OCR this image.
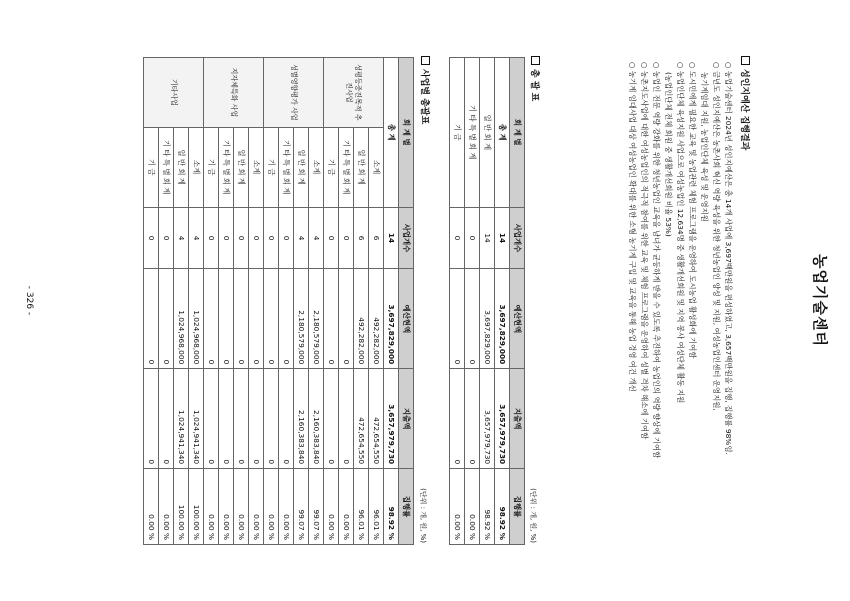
농업기술센터
성인지예산 집행결과
○ 농업기술센터 2024년 성인지예산은 총 14개 사업에 3,697백만원을 편성하였고, 3,657백만원을 집행, 집행률 98%임.
○ 금년도 성인지예산은 농촌사회 혁신 역량 육성을 위한 청년농업인 양성 및 지원, 여성농업인센터 운영지원,
농기계임대 지원, 농업인단체 육성 및 운영지원
○ 도시민에게 필요한 교육 및 농업관련 체험 프로그램을 운영하여 도시농업 활성화에 기여함
○ 농업인단체 육성지원 사업으로 여성농업인 12,634명 중 생활개선회원 및 지역 봉사 여성단체 활동 지원
(농업인단체 전체 회원 중 생활개선회원 비율 53%)
○ 농업인 전문 역량 강화를 위한 청년농업인 교육을 남녀가 균등하게 받을 수 있도록 추진하여 농업인의 역량 향상에 기여함
○ 농촌지도사업에 대한 여성농업인의 적극적 참여를 위한 교육 및 체험 프로그램을 운영하여 성별 격차 해소에 기여함
○ 농기계 임대사업 대상 여성농업인 확대를 위한 소형 농기계 구입 및 교육을 통해 농업 경영 여건 개선
총 괄 표
(단위 : 개, 원, %)
회 계 별	사업개수	예산현액	지출액	집행률
총 계	14	3,697,829,000	3,657,979,730	98.92 %
일 반 회 계	14	3,697,829,000	3,657,979,730	98.92 %
기 타 특 별 회 계	0	0	0	0.00 %
기 금	0	0	0	0.00 %
사업별 총괄표
(단위 : 개, 원, %)
회 계 별		사업개수	예산현액	지출액	집행률
총 계		14	3,697,829,000	3,657,979,730	98.92 %
성평등증진목적 추진사업	소계	6	492,282,000	472,654,550	96.01 %
	일 반 회 계	6	492,282,000	472,654,550	96.01 %
	기 타 특 별 회 계	0	0	0	0.00 %
	기 금	0	0	0	0.00 %
성별영향평가 사업	소계	4	2,180,579,000	2,160,383,840	99.07 %
	일 반 회 계	4	2,180,579,000	2,160,383,840	99.07 %
	기 타 특 별 회 계	0	0	0	0.00 %
	기 금	0	0	0	0.00 %
지자체특화 사업	소계	0	0	0	0.00 %
	일 반 회 계	0	0	0	0.00 %
	기 타 특 별 회 계	0	0	0	0.00 %
	기 금	0	0	0	0.00 %
기타사업	소계	4	1,024,968,000	1,024,941,340	100.00 %
	일 반 회 계	4	1,024,968,000	1,024,941,340	100.00 %
	기 타 특 별 회 계	0	0	0	0.00 %
	기 금	0	0	0	0.00 %
- 326 -
